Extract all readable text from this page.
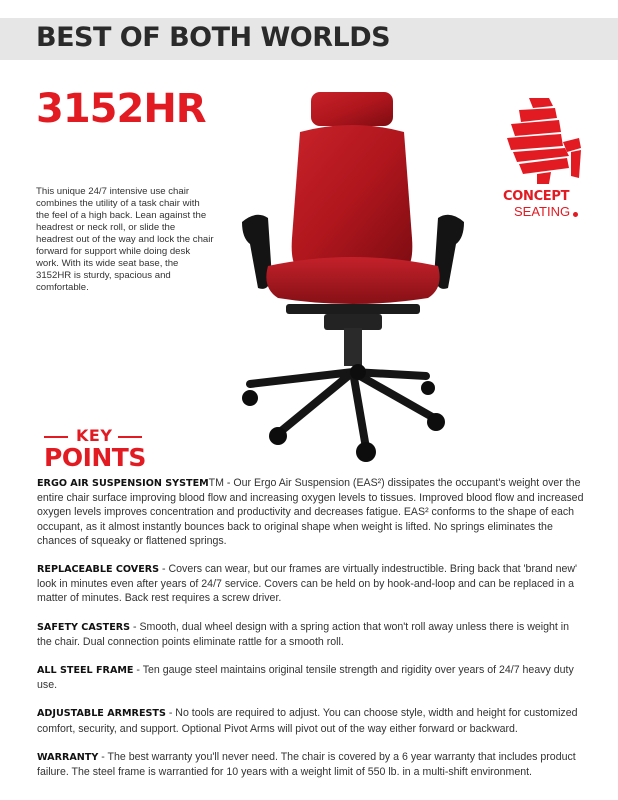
BEST OF BOTH WORLDS
3152HR
This unique 24/7 intensive use chair combines the utility of a task chair with the feel of a high back. Lean against the headrest or neck roll, or slide the headrest out of the way and lock the chair forward for support while doing desk work. With its wide seat base, the 3152HR is sturdy, spacious and comfortable.
CONCEPT
SEATING
KEY
POINTS

ERGO AIR SUSPENSION SYSTEMTM - Our Ergo Air Suspension (EAS²) dissipates the occupant's weight over the entire chair surface improving blood flow and increasing oxygen levels to tissues. Improved blood flow and increased oxygen levels improves concentration and productivity and decreases fatigue. EAS² conforms to the shape of each occupant, as it almost instantly bounces back to original shape when weight is lifted. No springs eliminates the chances of squeaky or flattened springs.

REPLACEABLE COVERS - Covers can wear, but our frames are virtually indestructible. Bring back that 'brand new' look in minutes even after years of 24/7 service. Covers can be held on by hook-and-loop and can be replaced in a matter of minutes. Back rest requires a screw driver.

SAFETY CASTERS - Smooth, dual wheel design with a spring action that won't roll away unless there is weight in the chair. Dual connection points eliminate rattle for a smooth roll.

ALL STEEL FRAME - Ten gauge steel maintains original tensile strength and rigidity over years of 24/7 heavy duty use.

ADJUSTABLE ARMRESTS - No tools are required to adjust. You can choose style, width and height for customized comfort, security, and support. Optional Pivot Arms will pivot out of the way either forward or backward.

WARRANTY - The best warranty you'll never need. The chair is covered by a 6 year warranty that includes product failure. The steel frame is warrantied for 10 years with a weight limit of 550 lb. in a multi-shift environment.
